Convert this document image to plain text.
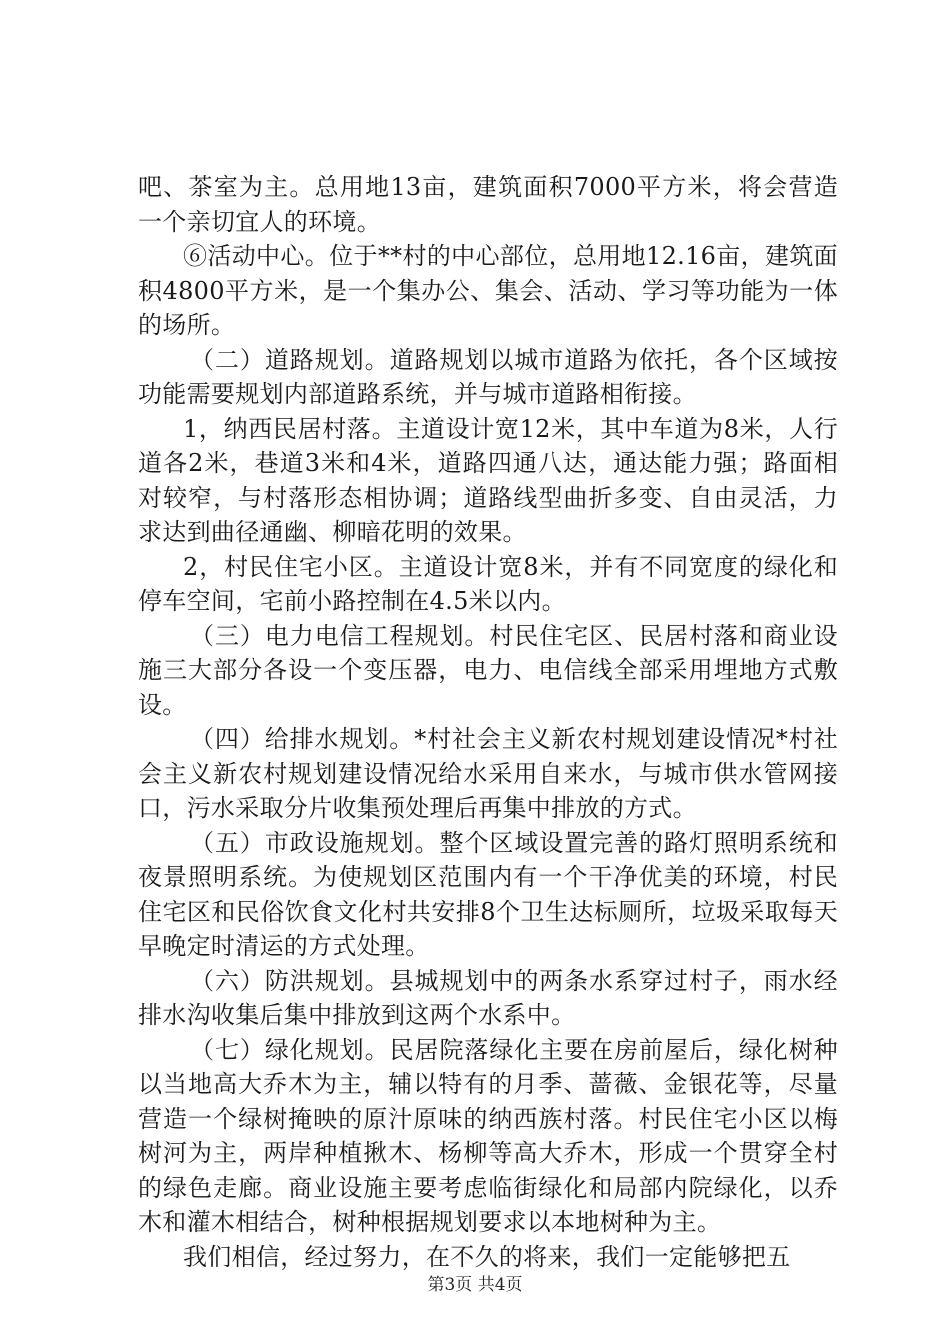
吧、茶室为主。总用地13亩，建筑面积7000平方米，将会营造一个亲切宜人的环境。

⑥活动中心。位于**村的中心部位，总用地12.16亩，建筑面积4800平方米，是一个集办公、集会、活动、学习等功能为一体的场所。

（二）道路规划。道路规划以城市道路为依托，各个区域按功能需要规划内部道路系统，并与城市道路相衔接。

1，纳西民居村落。主道设计宽12米，其中车道为8米，人行道各2米，巷道3米和4米，道路四通八达，通达能力强；路面相对较窄，与村落形态相协调；道路线型曲折多变、自由灵活，力求达到曲径通幽、柳暗花明的效果。

2，村民住宅小区。主道设计宽8米，并有不同宽度的绿化和停车空间，宅前小路控制在4.5米以内。

（三）电力电信工程规划。村民住宅区、民居村落和商业设施三大部分各设一个变压器，电力、电信线全部采用埋地方式敷设。

（四）给排水规划。*村社会主义新农村规划建设情况*村社会主义新农村规划建设情况给水采用自来水，与城市供水管网接口，污水采取分片收集预处理后再集中排放的方式。

（五）市政设施规划。整个区域设置完善的路灯照明系统和夜景照明系统。为使规划区范围内有一个干净优美的环境，村民住宅区和民俗饮食文化村共安排8个卫生达标厕所，垃圾采取每天早晚定时清运的方式处理。

（六）防洪规划。县城规划中的两条水系穿过村子，雨水经排水沟收集后集中排放到这两个水系中。

（七）绿化规划。民居院落绿化主要在房前屋后，绿化树种以当地高大乔木为主，辅以特有的月季、蔷薇、金银花等，尽量营造一个绿树掩映的原汁原味的纳西族村落。村民住宅小区以梅树河为主，两岸种植揪木、杨柳等高大乔木，形成一个贯穿全村的绿色走廊。商业设施主要考虑临街绿化和局部内院绿化，以乔木和灌木相结合，树种根据规划要求以本地树种为主。

我们相信，经过努力，在不久的将来，我们一定能够把五

第3页 共4页
